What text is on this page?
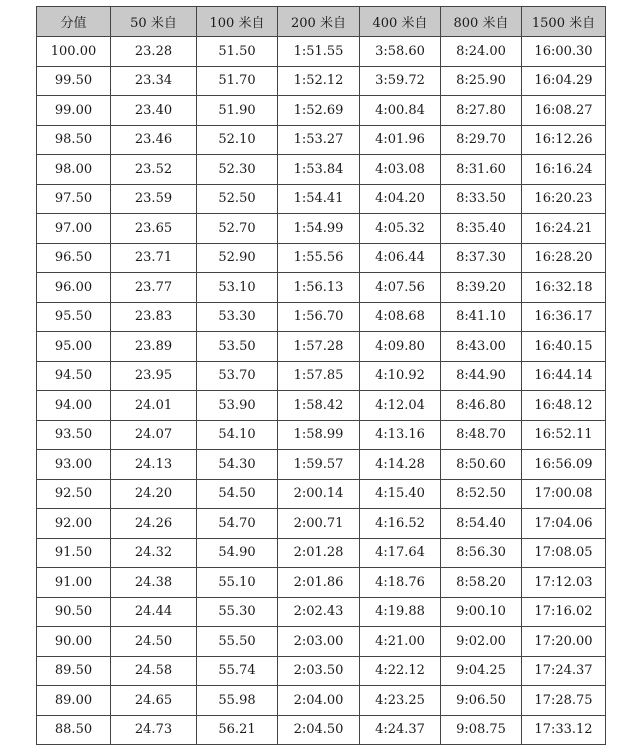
分值	50 米自	100 米自	200 米自	400 米自	800 米自	1500 米自
100.00	23.28	51.50	1:51.55	3:58.60	8:24.00	16:00.30
99.50	23.34	51.70	1:52.12	3:59.72	8:25.90	16:04.29
99.00	23.40	51.90	1:52.69	4:00.84	8:27.80	16:08.27
98.50	23.46	52.10	1:53.27	4:01.96	8:29.70	16:12.26
98.00	23.52	52.30	1:53.84	4:03.08	8:31.60	16:16.24
97.50	23.59	52.50	1:54.41	4:04.20	8:33.50	16:20.23
97.00	23.65	52.70	1:54.99	4:05.32	8:35.40	16:24.21
96.50	23.71	52.90	1:55.56	4:06.44	8:37.30	16:28.20
96.00	23.77	53.10	1:56.13	4:07.56	8:39.20	16:32.18
95.50	23.83	53.30	1:56.70	4:08.68	8:41.10	16:36.17
95.00	23.89	53.50	1:57.28	4:09.80	8:43.00	16:40.15
94.50	23.95	53.70	1:57.85	4:10.92	8:44.90	16:44.14
94.00	24.01	53.90	1:58.42	4:12.04	8:46.80	16:48.12
93.50	24.07	54.10	1:58.99	4:13.16	8:48.70	16:52.11
93.00	24.13	54.30	1:59.57	4:14.28	8:50.60	16:56.09
92.50	24.20	54.50	2:00.14	4:15.40	8:52.50	17:00.08
92.00	24.26	54.70	2:00.71	4:16.52	8:54.40	17:04.06
91.50	24.32	54.90	2:01.28	4:17.64	8:56.30	17:08.05
91.00	24.38	55.10	2:01.86	4:18.76	8:58.20	17:12.03
90.50	24.44	55.30	2:02.43	4:19.88	9:00.10	17:16.02
90.00	24.50	55.50	2:03.00	4:21.00	9:02.00	17:20.00
89.50	24.58	55.74	2:03.50	4:22.12	9:04.25	17:24.37
89.00	24.65	55.98	2:04.00	4:23.25	9:06.50	17:28.75
88.50	24.73	56.21	2:04.50	4:24.37	9:08.75	17:33.12
